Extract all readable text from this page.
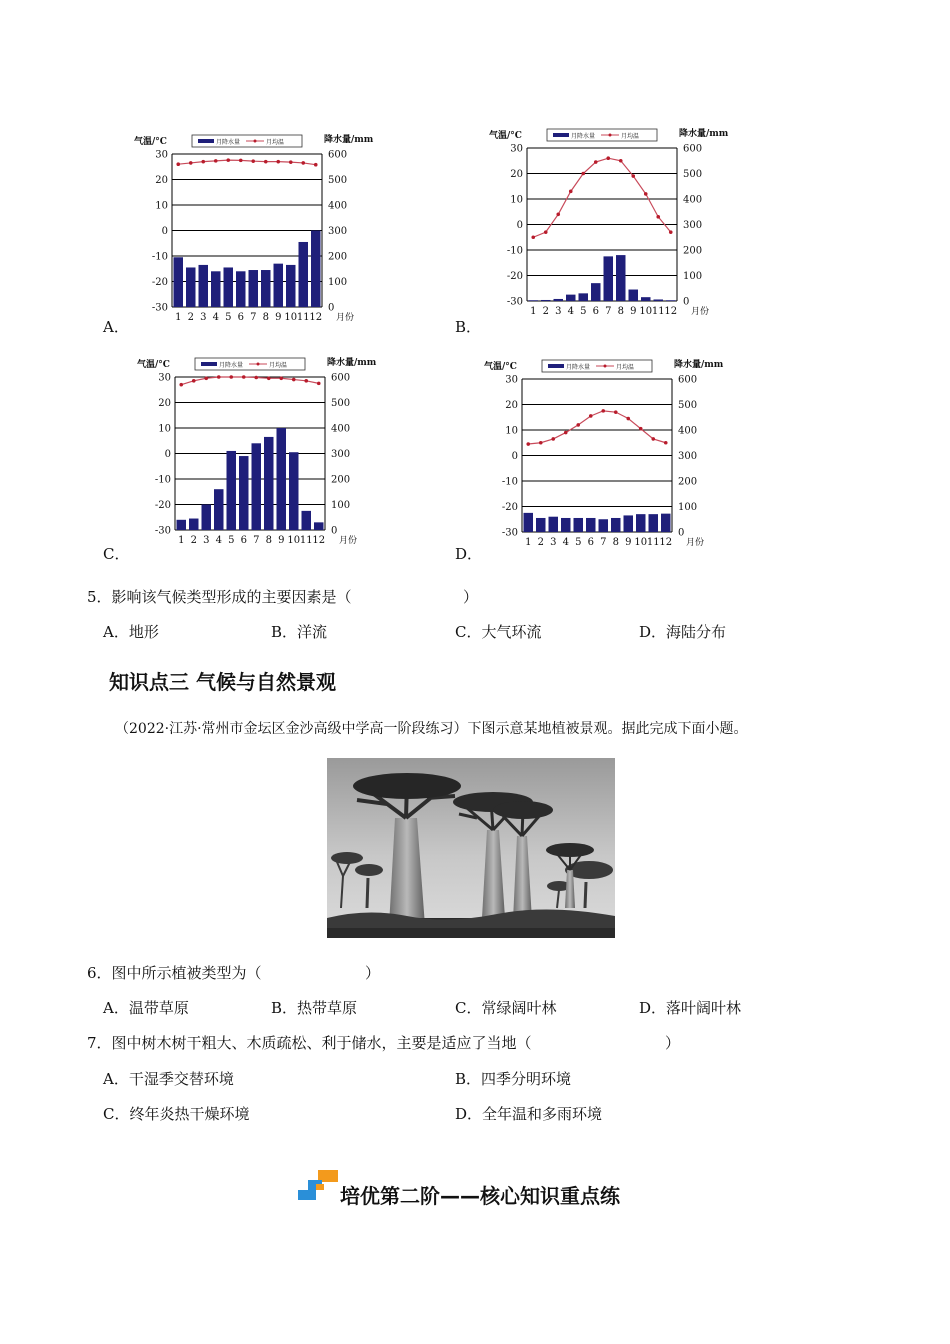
A．
气温/°C	降水量/mm
月降水量	月均温
30
20
10
0
-10
-20
-30
600
500
400
300
200
100
0
1 2 3 4 5 6 7 8 9 10 11 12 月份	B．
气温/°C	降水量/mm
月降水量	月均温
30
20
10
0
-10
-20
-30
600
500
400
300
200
100
0
1 2 3 4 5 6 7 8 9 10 11 12 月份
C．
气温/°C	降水量/mm
月降水量	月均温
30
20
10
0
-10
-20
-30
600
500
400
300
200
100
0
1 2 3 4 5 6 7 8 9 10 11 12 月份
D．
气温/°C	降水量/mm
月降水量	月均温
30
20
10
0
-10
-20
-30
600
500
400
300
200
100
0
1 2 3 4 5 6 7 8 9 10 11 12 月份
5．影响该气候类型形成的主要因素是（	）
A．地形	B．洋流	C．大气环流	D．海陆分布
知识点三 气候与自然景观
（2022·江苏·常州市金坛区金沙高级中学高一阶段练习）下图示意某地植被景观。据此完成下面小题。
6．图中所示植被类型为（	）
A．温带草原	B．热带草原	C．常绿阔叶林	D．落叶阔叶林
7．图中树木树干粗大、木质疏松、利于储水，主要是适应了当地（	）
A．干湿季交替环境	B．四季分明环境
C．终年炎热干燥环境	D．全年温和多雨环境
培优第二阶——核心知识重点练
